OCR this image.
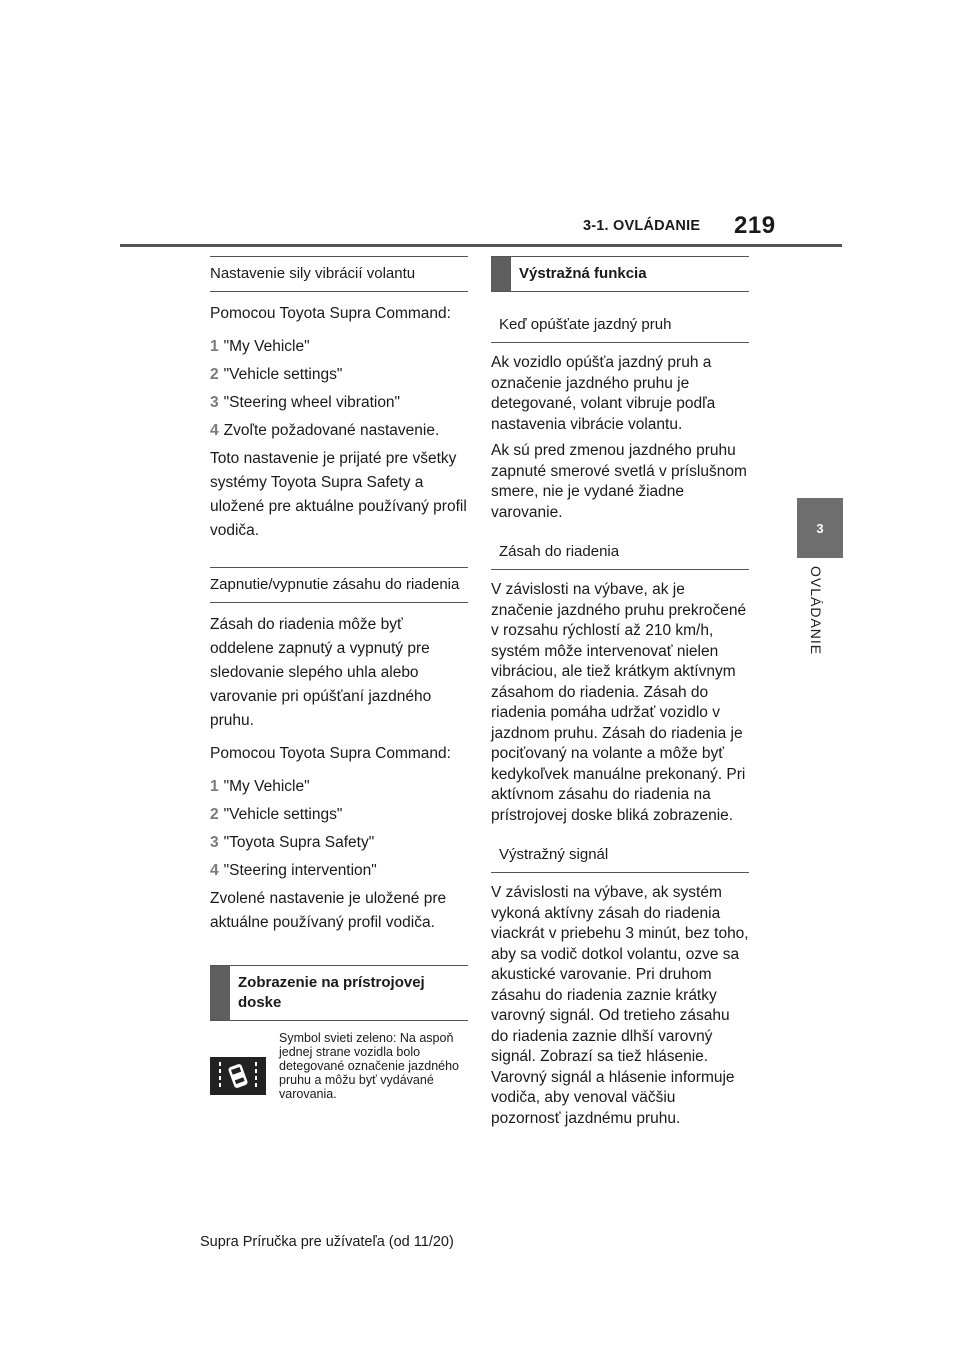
3-1. OVLÁDANIE 219
3
OVLÁDANIE
Nastavenie sily vibrácií volantu

Pomocou Toyota Supra Command:

1 "My Vehicle"
2 "Vehicle settings"
3 "Steering wheel vibration"
4 Zvoľte požadované nastavenie.

Toto nastavenie je prijaté pre všetky systémy Toyota Supra Safety a uložené pre aktuálne používaný profil vodiča.

Zapnutie/vypnutie zásahu do riadenia

Zásah do riadenia môže byť oddelene zapnutý a vypnutý pre sledovanie slepého uhla alebo varovanie pri opúšťaní jazdného pruhu.

Pomocou Toyota Supra Command:

1 "My Vehicle"
2 "Vehicle settings"
3 "Toyota Supra Safety"
4 "Steering intervention"

Zvolené nastavenie je uložené pre aktuálne používaný profil vodiča.

Zobrazenie na prístrojovej doske
Symbol svieti zeleno: Na aspoň jednej strane vozidla bolo detegované označenie jazdného pruhu a môžu byť vydávané varovania.
Výstražná funkcia
Keď opúšťate jazdný pruh

Ak vozidlo opúšťa jazdný pruh a označenie jazdného pruhu je detegované, volant vibruje podľa nastavenia vibrácie volantu.

Ak sú pred zmenou jazdného pruhu zapnuté smerové svetlá v príslušnom smere, nie je vydané žiadne varovanie.

Zásah do riadenia

V závislosti na výbave, ak je značenie jazdného pruhu prekročené v rozsahu rýchlostí až 210 km/h, systém môže intervenovať nielen vibráciou, ale tiež krátkym aktívnym zásahom do riadenia. Zásah do riadenia pomáha udržať vozidlo v jazdnom pruhu. Zásah do riadenia je pociťovaný na volante a môže byť kedykoľvek manuálne prekonaný. Pri aktívnom zásahu do riadenia na prístrojovej doske bliká zobrazenie.

Výstražný signál

V závislosti na výbave, ak systém vykoná aktívny zásah do riadenia viackrát v priebehu 3 minút, bez toho, aby sa vodič dotkol volantu, ozve sa akustické varovanie. Pri druhom zásahu do riadenia zaznie krátky varovný signál. Od tretieho zásahu do riadenia zaznie dlhší varovný signál. Zobrazí sa tiež hlásenie. Varovný signál a hlásenie informuje vodiča, aby venoval väčšiu pozornosť jazdnému pruhu.

Supra Príručka pre užívateľa (od 11/20)
